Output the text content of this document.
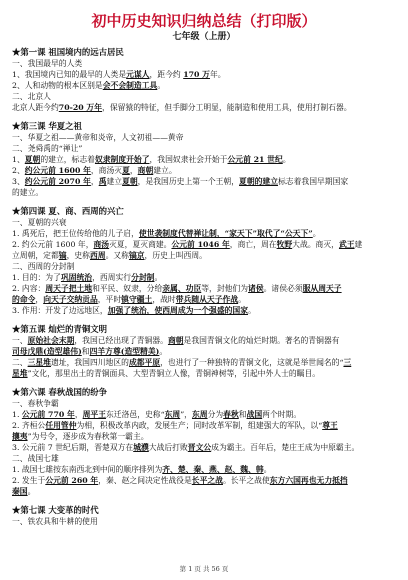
初中历史知识归纳总结（打印版）
七年级（上册）
★第一课 祖国境内的远古居民
一、我国最早的人类
1、我国境内已知的最早的人类是元谋人，距今约 170 万年。
2、人和动物的根本区别是会不会制造工具。
二、北京人
北京人距今约70-20 万年，保留猿的特征，但手脚分工明显，能制造和使用工具，使用打制石器。
★第三课 华夏之祖
一、华夏之祖——黄帝和炎帝，人文初祖——黄帝
二、尧舜禹的“禅让”
1、夏朝的建立，标志着奴隶制度开始了，我国奴隶社会开始于公元前 21 世纪。
2、约公元前 1600 年，商汤灭夏，商朝建立。
3、约公元前 2070 年，禹建立夏朝，是我国历史上第一个王朝，夏朝的建立标志着我国早期国家
的建立。
★第四课 夏、商、西周的兴亡
一、夏朝的兴衰
1. 禹死后，把王位传给他的儿子启，使世袭制度代替禅让制，“家天下”取代了“公天下”。
2. 约公元前 1600 年，商汤灭夏，夏灭商建。公元前 1046 年，商亡，周在牧野大战。商灭，武王建
立周朝，定都镐，史称西周。又称镐京，历史上叫西周。
二、西周的分封制
1. 目的：为了巩固统治，西周实行分封制。
2. 内容：周天子把土地和平民、奴隶，分给亲属、功臣等，封他们为诸侯。诸侯必须服从周天子
的命令，向天子交纳贡品，平时镇守疆土，战时带兵随从天子作战。
3. 作用：开发了边远地区，加强了统治，使西周成为一个强盛的国家。
★第五课 灿烂的青铜文明
一、原始社会末期，我国已经出现了青铜器。商朝是我国青铜文化的灿烂时期。著名的青铜器有
司母戊鼎(造型雄伟)和四羊方尊(造型精美)。
二、三星堆遗址，我国四川地区的成都平原，也进行了一种独特的青铜文化，这就是举世闻名的“三
星堆”文化，那里出土的青铜面具、大型青铜立人像，青铜神树等，引起中外人士的瞩目。
★第六课 春秋战国的纷争
一、春秋争霸
1. 公元前 770 年，周平王东迁洛邑，史称“东周”，东周分为春秋和战国两个时期。
2. 齐桓公任用管仲为相，积极改革内政，发展生产；同时改革军制，组建强大的军队，以“尊王
攘夷”为号令，逐步成为春秋第一霸主。
3. 公元前 7 世纪后期，晋楚双方在城濮大战后打败晋文公成为霸主。百年后，楚庄王成为中原霸主。
二、战国七雄
1. 战国七雄按东南西北到中间的顺序排列为齐、楚、秦、燕、赵、魏、韩。
2. 发生于公元前 260 年，秦、赵之间决定性战役是长平之战。长平之战使东方六国再也无力抵挡
秦国。
★第七课 大变革的时代
一、铁农具和牛耕的使用
第 1 页 共 56 页
